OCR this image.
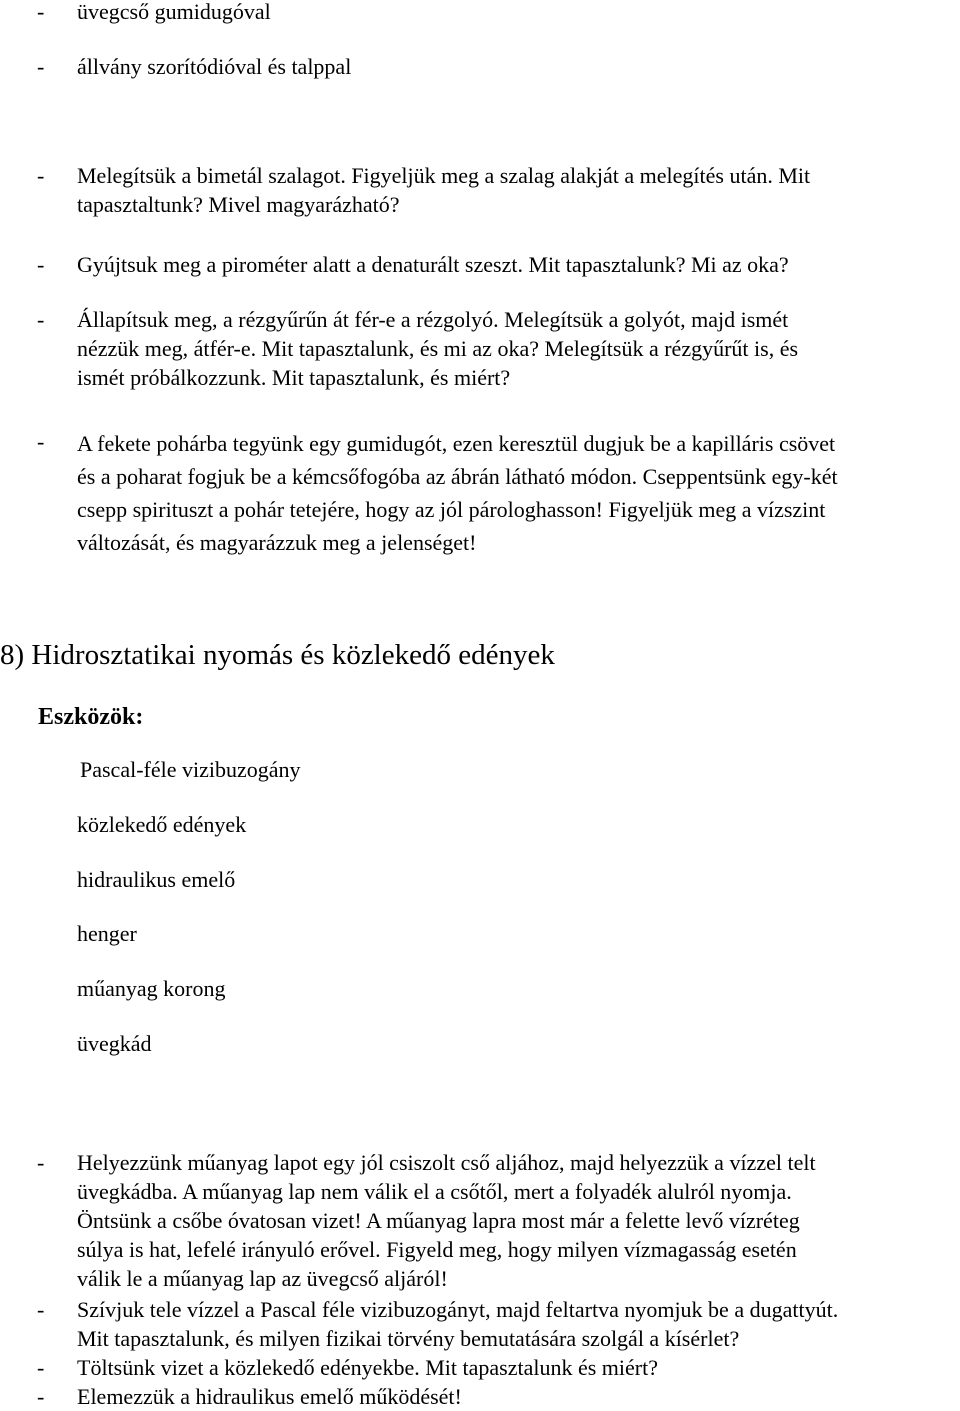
- üvegcső gumidugóval
- állvány szorítódióval és talppal
- Melegítsük a bimetál szalagot. Figyeljük meg a szalag alakját a melegítés után. Mit
tapasztaltunk? Mivel magyarázható?
- Gyújtsuk meg a pirométer alatt a denaturált szeszt. Mit tapasztalunk? Mi az oka?
- Állapítsuk meg, a rézgyűrűn át fér-e a rézgolyó. Melegítsük a golyót, majd ismét
nézzük meg, átfér-e. Mit tapasztalunk, és mi az oka? Melegítsük a rézgyűrűt is, és
ismét próbálkozzunk. Mit tapasztalunk, és miért?
- A fekete pohárba tegyünk egy gumidugót, ezen keresztül dugjuk be a kapilláris csövet
és a poharat fogjuk be a kémcsőfogóba az ábrán látható módon. Cseppentsünk egy-két
csepp spirituszt a pohár tetejére, hogy az jól párologhasson! Figyeljük meg a vízszint
változását, és magyarázzuk meg a jelenséget!
8) Hidrosztatikai nyomás és közlekedő edények
Eszközök:
Pascal-féle vizibuzogány
közlekedő edények
hidraulikus emelő
henger
műanyag korong
üvegkád
- Helyezzünk műanyag lapot egy jól csiszolt cső aljához, majd helyezzük a vízzel telt
üvegkádba. A műanyag lap nem válik el a csőtől, mert a folyadék alulról nyomja.
Öntsünk a csőbe óvatosan vizet! A műanyag lapra most már a felette levő vízréteg
súlya is hat, lefelé irányuló erővel. Figyeld meg, hogy milyen vízmagasság esetén
válik le a műanyag lap az üvegcső aljáról!
- Szívjuk tele vízzel a Pascal féle vizibuzogányt, majd feltartva nyomjuk be a dugattyút.
Mit tapasztalunk, és milyen fizikai törvény bemutatására szolgál a kísérlet?
- Töltsünk vizet a közlekedő edényekbe. Mit tapasztalunk és miért?
- Elemezzük a hidraulikus emelő működését!
